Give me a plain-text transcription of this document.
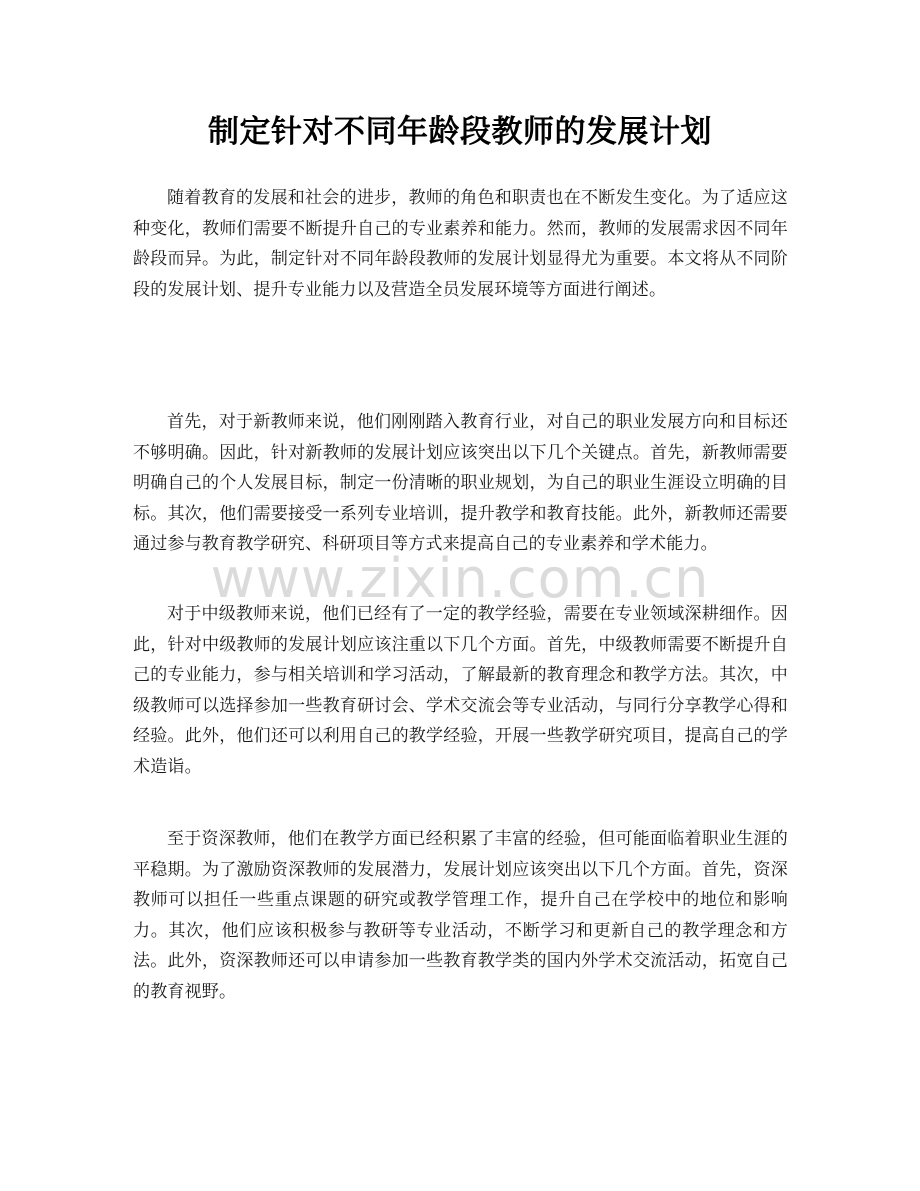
制定针对不同年龄段教师的发展计划

随着教育的发展和社会的进步，教师的角色和职责也在不断发生变化。为了适应这种变化，教师们需要不断提升自己的专业素养和能力。然而，教师的发展需求因不同年龄段而异。为此，制定针对不同年龄段教师的发展计划显得尤为重要。本文将从不同阶段的发展计划、提升专业能力以及营造全员发展环境等方面进行阐述。

首先，对于新教师来说，他们刚刚踏入教育行业，对自己的职业发展方向和目标还不够明确。因此，针对新教师的发展计划应该突出以下几个关键点。首先，新教师需要明确自己的个人发展目标，制定一份清晰的职业规划，为自己的职业生涯设立明确的目标。其次，他们需要接受一系列专业培训，提升教学和教育技能。此外，新教师还需要通过参与教育教学研究、科研项目等方式来提高自己的专业素养和学术能力。

对于中级教师来说，他们已经有了一定的教学经验，需要在专业领域深耕细作。因此，针对中级教师的发展计划应该注重以下几个方面。首先，中级教师需要不断提升自己的专业能力，参与相关培训和学习活动，了解最新的教育理念和教学方法。其次，中级教师可以选择参加一些教育研讨会、学术交流会等专业活动，与同行分享教学心得和经验。此外，他们还可以利用自己的教学经验，开展一些教学研究项目，提高自己的学术造诣。

至于资深教师，他们在教学方面已经积累了丰富的经验，但可能面临着职业生涯的平稳期。为了激励资深教师的发展潜力，发展计划应该突出以下几个方面。首先，资深教师可以担任一些重点课题的研究或教学管理工作，提升自己在学校中的地位和影响力。其次，他们应该积极参与教研等专业活动，不断学习和更新自己的教学理念和方法。此外，资深教师还可以申请参加一些教育教学类的国内外学术交流活动，拓宽自己的教育视野。

www.zixin.com.cn
